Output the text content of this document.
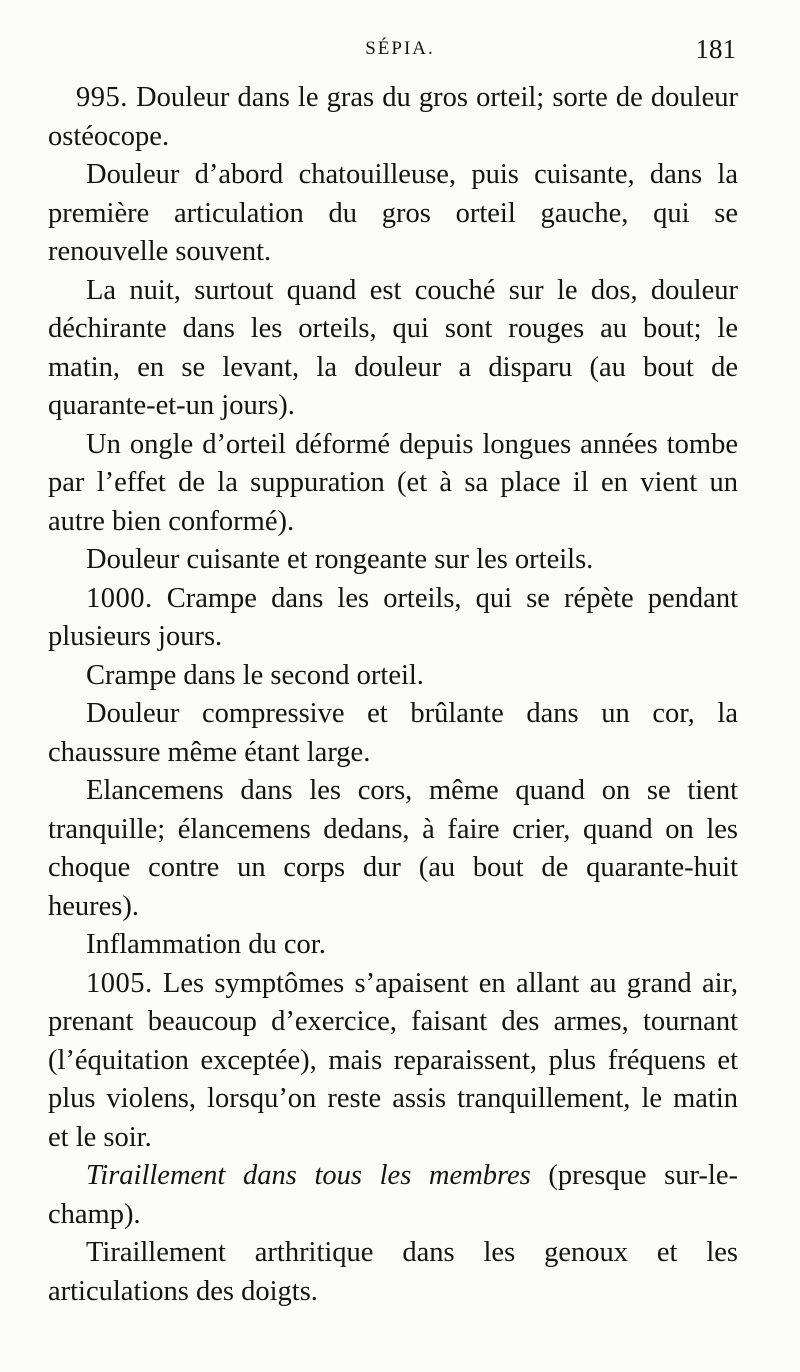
SÉPIA.	181

995. Douleur dans le gras du gros orteil; sorte de douleur ostéocope.

Douleur d’abord chatouilleuse, puis cuisante, dans la première articulation du gros orteil gauche, qui se renouvelle souvent.

La nuit, surtout quand est couché sur le dos, douleur déchirante dans les orteils, qui sont rouges au bout; le matin, en se levant, la douleur a disparu (au bout de quarante-et-un jours).

Un ongle d’orteil déformé depuis longues années tombe par l’effet de la suppuration (et à sa place il en vient un autre bien conformé).

Douleur cuisante et rongeante sur les orteils.

1000. Crampe dans les orteils, qui se répète pendant plusieurs jours.

Crampe dans le second orteil.

Douleur compressive et brûlante dans un cor, la chaussure même étant large.

Elancemens dans les cors, même quand on se tient tranquille; élancemens dedans, à faire crier, quand on les choque contre un corps dur (au bout de quarante-huit heures).

Inflammation du cor.

1005. Les symptômes s’apaisent en allant au grand air, prenant beaucoup d’exercice, faisant des armes, tournant (l’équitation exceptée), mais reparaissent, plus fréquens et plus violens, lorsqu’on reste assis tranquillement, le matin et le soir.

Tiraillement dans tous les membres (presque sur-le-champ).

Tiraillement arthritique dans les genoux et les articulations des doigts.
